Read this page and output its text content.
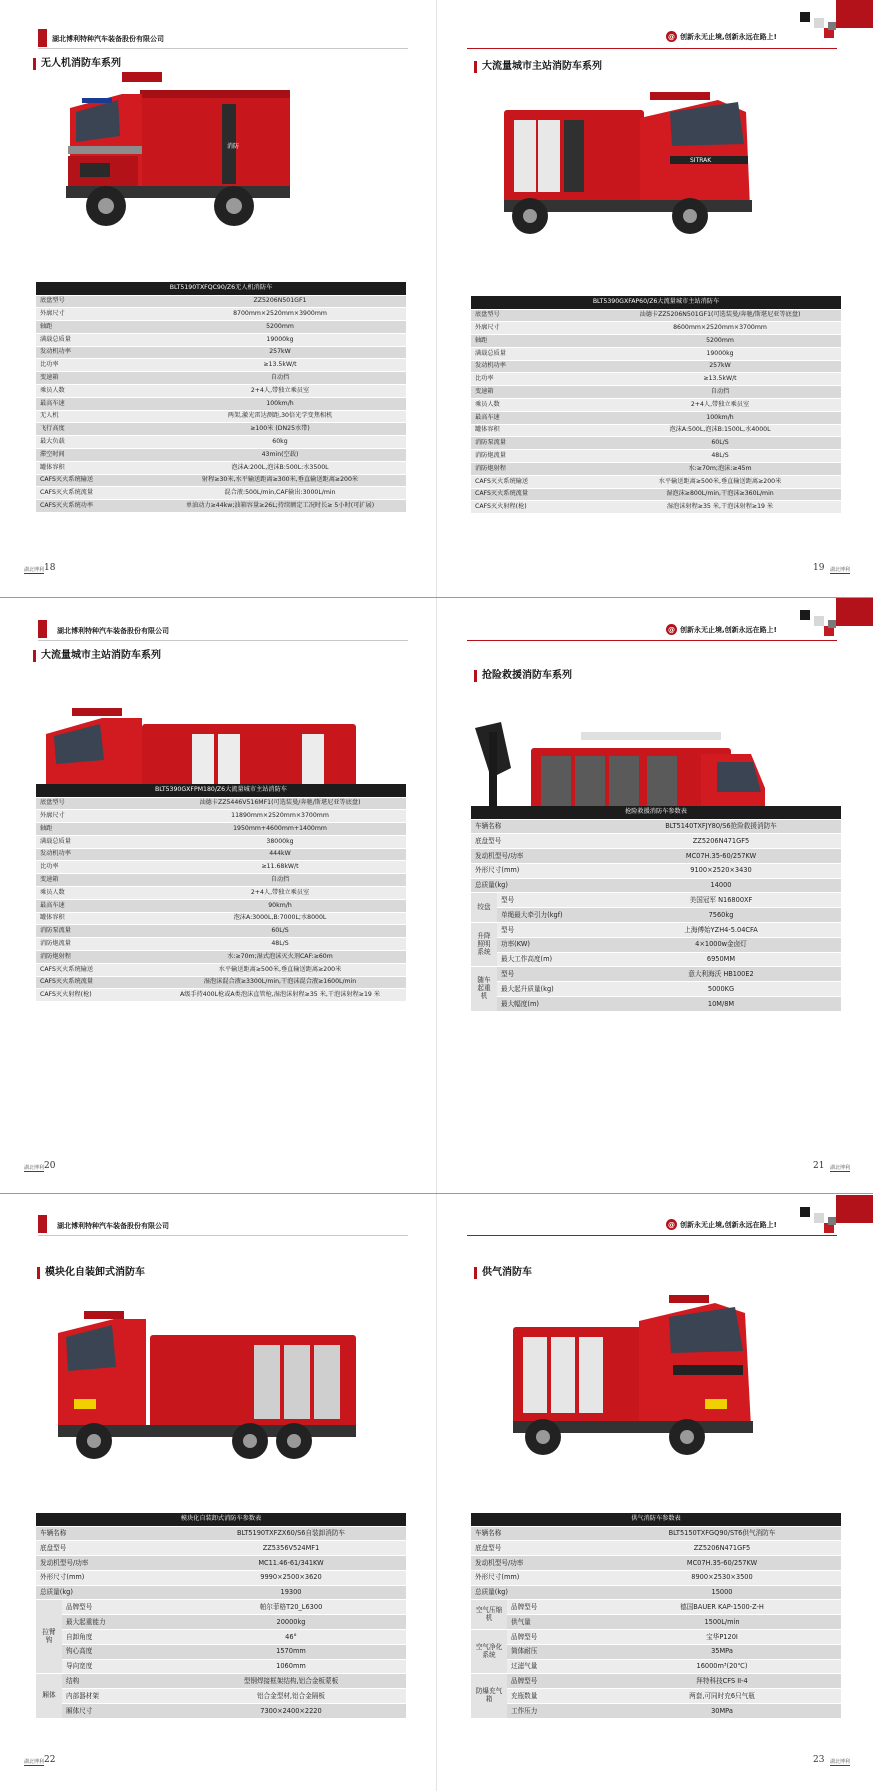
湖北博利特种汽车装备股份有限公司
无人机消防车系列
消防
BLT5190TXFQC90/Z6无人机消防车	
底盘型号	ZZ5206N501GF1
外廓尺寸	8700mm×2520mm×3900mm
轴距	5200mm
满载总质量	19000kg
发动机功率	257kW
比功率	≥13.5kW/t
变速箱	自动挡
乘员人数	2+4人,带独立乘员室
最高车速	100km/h
无人机	两架,激光雷达测距,30倍光学变焦相机
飞行高度	≥100米 (DN25水带)
最大负载	60kg
滞空时间	43min(空载)
罐体容积	泡沫A:200L,泡沫B:500L:水3500L
CAFS灭火系统输送	射程≥30米,水平输送距离≥300米,垂直输送距离≥200米
CAFS灭火系统流量	混合液:500L/min,CAF输出:3000L/min
CAFS灭火系统功率	单油动力≥44kw;油箱容量≥26L;持续额定工况时长≥ 5小时(可扩展)
湖北博利 18
@ 创新永无止境,创新永远在路上!
大流量城市主站消防车系列
SITRAK
BLT5390GXFAP60/Z6大流量城市主站消防车	
底盘型号	汕德卡ZZ5206N501GF1(可选装曼/奔驰/斯堪尼亚等底盘)
外廓尺寸	8600mm×2520mm×3700mm
轴距	5200mm
满载总质量	19000kg
发动机功率	257kW
比功率	≥13.5kW/t
变速箱	自动挡
乘员人数	2+4人,带独立乘员室
最高车速	100km/h
罐体容积	泡沫A:500L,泡沫B:1500L,水4000L
消防泵流量	60L/S
消防炮流量	48L/S
消防炮射程	水:≥70m;泡沫:≥45m
CAFS灭火系统输送	水平输送距离≥500米,垂直输送距离≥200米
CAFS灭火系统流量	湿泡沫≥800L/min,干泡沫≥360L/min
CAFS灭火射程(枪)	湿泡沫射程≥35 米,干泡沫射程≥19 米
19 湖北博利
湖北博利特种汽车装备股份有限公司
大流量城市主站消防车系列
BLT5390GXFPM180/Z6大流量城市主站消防车	
底盘型号	汕德卡ZZ5446V516MF1(可选装曼/奔驰/斯堪尼亚等底盘)
外廓尺寸	11890mm×2520mm×3700mm
轴距	1950mm+4600mm+1400mm
满载总质量	38000kg
发动机功率	444kW
比功率	≥11.68kW/t
变速箱	自动挡
乘员人数	2+4人,带独立乘员室
最高车速	90km/h
罐体容积	泡沫A:3000L,B:7000L;水8000L
消防泵流量	60L/S
消防炮流量	48L/S
消防炮射程	水:≥70m;湿式泡沫灭火剂CAF:≥60m
CAFS灭火系统输送	水平输送距离≥500米,垂直输送距离≥200米
CAFS灭火系统流量	湿泡沫混合液≥3300L/min,干泡沫混合液≥1600L/min
CAFS灭火射程(枪)	A级手持400L枪或A类泡沫直管枪,湿泡沫射程≥35 米,干泡沫射程≥19 米
湖北博利 20
@ 创新永无止境,创新永远在路上!
抢险救援消防车系列
抢险救援消防车参数表		
车辆名称		BLT5140TXFJY80/S6抢险救援消防车
底盘型号		ZZ5206N471GF5
发动机型号/功率		MC07H.35-60/257KW
外形尺寸(mm)		9100×2520×3430
总质量(kg)		14000
绞盘	型号	美国冠军 N16800XF
	单绳最大牵引力(kgf)	7560kg
升降照明系统	型号	上海傅始YZH4-5.04CFA
	功率(KW)	4×1000w金卤灯
	最大工作高度(m)	6950MM
随车起重机	型号	意大利海沃 HB100E2
	最大起升质量(kg)	5000KG
	最大幅度(m)	10M/8M
21 湖北博利
湖北博利特种汽车装备股份有限公司
模块化自装卸式消防车
模块化自装卸式消防车参数表		
车辆名称		BLT5190TXFZX60/S6自装卸消防车
底盘型号		ZZ5356V524MF1
发动机型号/功率		MC11.46-61/341KW
外形尺寸(mm)		9990×2500×3620
总质量(kg)		19300
拉臂钩	品牌型号	帕尔菲格T20_L6300
	最大起重能力	20000kg
	自卸角度	46°
	钩心高度	1570mm
	导向宽度	1060mm
厢体	结构	型钢焊接框架结构,铝合金板蒙板
	内部器材架	铝合金型材,铝合金隔板
	厢体尺寸	7300×2400×2220
湖北博利 22
@ 创新永无止境,创新永远在路上!
供气消防车
供气消防车参数表		
车辆名称		BLT5150TXFGQ90/ST6供气消防车
底盘型号		ZZ5206N471GF5
发动机型号/功率		MC07H.35-60/257KW
外形尺寸(mm)		8900×2530×3500
总质量(kg)		15000
空气压缩机	品牌型号	德国BAUER KAP-1500-Z-H
	供气量	1500L/min
空气净化系统	品牌型号	宝华P120I
	简体耐压	35MPa
	过滤气量	16000m³(20℃)
防爆充气箱	品牌型号	拜特科技CFS II-4
	充瓶数量	两套,可同时充6只气瓶
	工作压力	30MPa
23 湖北博利
